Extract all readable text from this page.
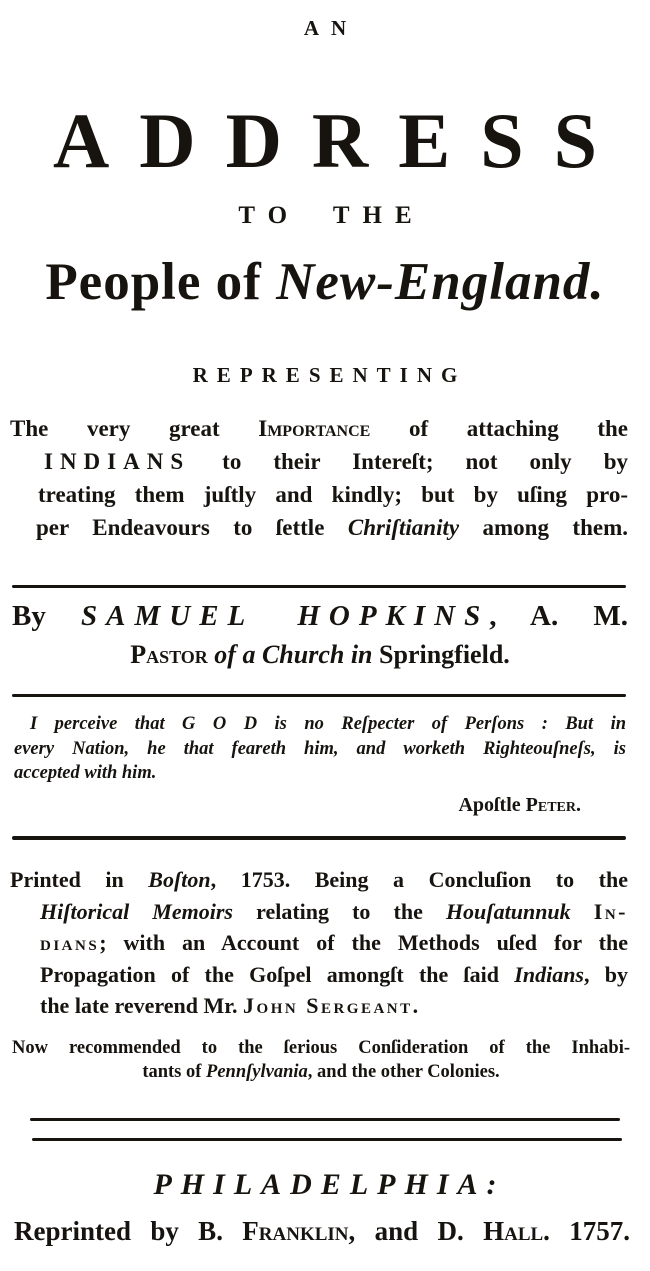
AN
ADDRESS
TO THE
People of New-England.
REPRESENTING
The very great Importance of attaching the
INDIANS to their Intereſt; not only by
treating them juſtly and kindly; but by uſing pro-
per Endeavours to ſettle Chriſtianity among them.
By SAMUEL HOPKINS, A. M.
Pastor of a Church in Springfield.
I perceive that G O D is no Reſpecter of Perſons : But in
every Nation, he that feareth him, and worketh Righteouſneſs, is
accepted with him.
Apoſtle Peter.
Printed in Boſton, 1753. Being a Concluſion to the
Hiſtorical Memoirs relating to the Houſatunnuk In-
dians; with an Account of the Methods uſed for the
Propagation of the Goſpel amongſt the ſaid Indians, by
the late reverend Mr. John Sergeant.
Now recommended to the ſerious Conſideration of the Inhabi-
tants of Pennſylvania, and the other Colonies.
PHILADELPHIA:
Reprinted by B. Franklin, and D. Hall. 1757.
